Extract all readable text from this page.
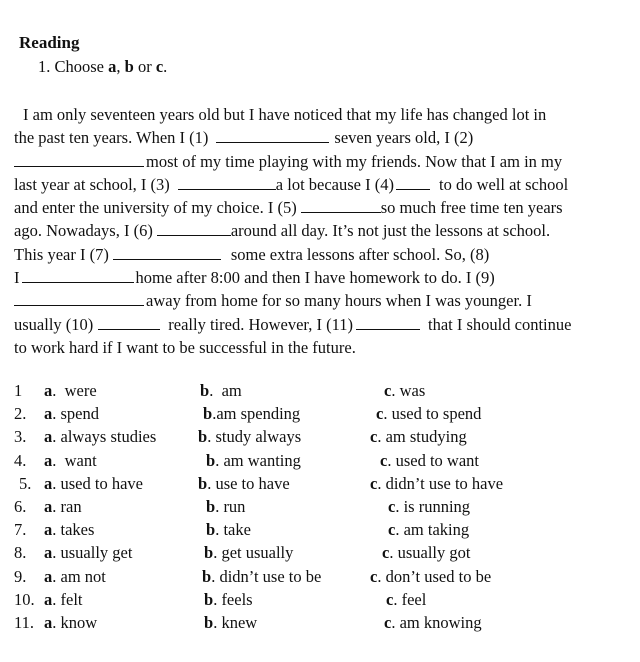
Reading
1. Choose a, b or c.
I am only seventeen years old but I have noticed that my life has changed lot in
the past ten years. When I (1)	seven years old, I (2)
most of my time playing with my friends. Now that I am in my
last year at school, I (3)	a lot because I (4)	to do well at school
and enter the university of my choice. I (5)	so much free time ten years
ago. Nowadays, I (6)	around all day. It’s not just the lessons at school.
This year I (7)	some extra lessons after school. So, (8)
I	home after 8:00 and then I have homework to do. I (9)
away from home for so many hours when I was younger. I
usually (10)	really tired. However, I (11)	that I should continue
to work hard if I want to be successful in the future.
1 a.  were	b.  am	c. was
2. a. spend	b.am spending	c. used to spend
3. a. always studies	b. study always	c. am studying
4. a.  want	b. am wanting	c. used to want
5. a. used to have	b. use to have	c. didn’t use to have
6. a. ran	b. run	c. is running
7. a. takes	b. take	c. am taking
8. a. usually get	b. get usually	c. usually got
9. a. am not	b. didn’t use to be	c. don’t used to be
10. a. felt	b. feels	c. feel
11. a. know	b. knew	c. am knowing
